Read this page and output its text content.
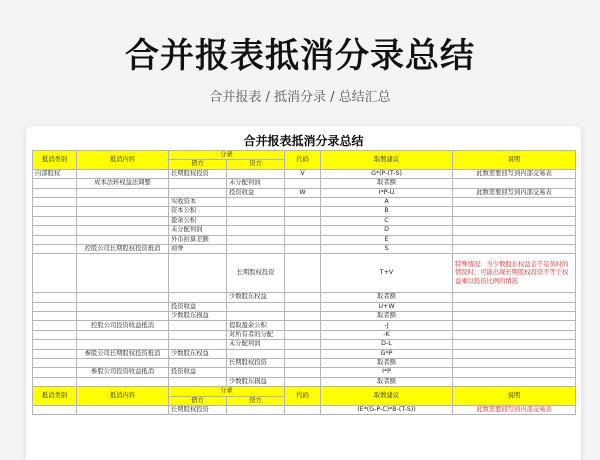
合并报表抵消分录总结
合并报表 / 抵消分录 / 总结汇总
合并报表抵消分录总结
抵消类别	抵消内容	分录		代码	取数建议	说明
		借方	贷方			
内部股权		长期股权投资		V	G*(P-(T-S)	此数需要回写到内部交易表
	成本法转权益法调整		未分配利润		取者额	
			投资收益	W	I*P-U	此数需要回写到内部交易表
		实收资本			A	
		资本公积			B	
		盈余公积			C	
		未分配利润			D	
		外币折算差额			E	
	控股公司长期股权投资抵消	商誉			S	
			长期股权投资		T+V	特殊情况：当少数股东权益金不足负时的情况时，可能出现长期股权投资不等于权益乘以投资比例的情况
			少数股东权益		取者额	
		投资收益			U+W	
		少数股东损益			取者额	
	控股公司投资收益抵消		提取盈余公积		-J	
			对所有者的分配		-K	
			未分配利润		D-L	
	参股公司长期股权投资抵消	少数股东权益			G*P	
			长期股权投资		取者额	
	参股公司投资收益抵消	投资收益			I*P	
			少数股东损益		取者额	
抵消类别	抵消内容	分录		代码	取数建议	说明
		借方	贷方			
		长期股权投资			(E*(G-P-C)*B-(T-S))	此数需要回写到内部交易表
